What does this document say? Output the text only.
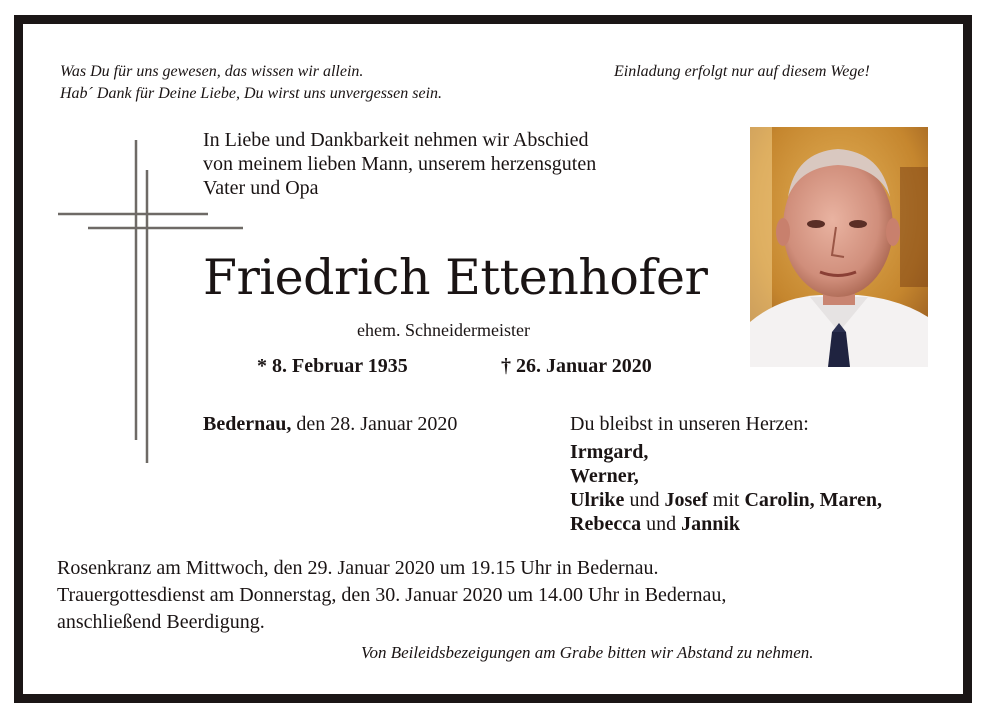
Was Du für uns gewesen, das wissen wir allein.
Hab´ Dank für Deine Liebe, Du wirst uns unvergessen sein.
Einladung erfolgt nur auf diesem Wege!
In Liebe und Dankbarkeit nehmen wir Abschied
von meinem lieben Mann, unserem herzensguten
Vater und Opa
Friedrich Ettenhofer
ehem. Schneidermeister
* 8. Februar 1935	† 26. Januar 2020
Bedernau, den 28. Januar 2020	Du bleibst in unseren Herzen:
Irmgard,
Werner,
Ulrike und Josef mit Carolin, Maren,
Rebecca und Jannik
Rosenkranz am Mittwoch, den 29. Januar 2020 um 19.15 Uhr in Bedernau.
Trauergottesdienst am Donnerstag, den 30. Januar 2020 um 14.00 Uhr in Bedernau,
anschließend Beerdigung.
Von Beileidsbezeigungen am Grabe bitten wir Abstand zu nehmen.
